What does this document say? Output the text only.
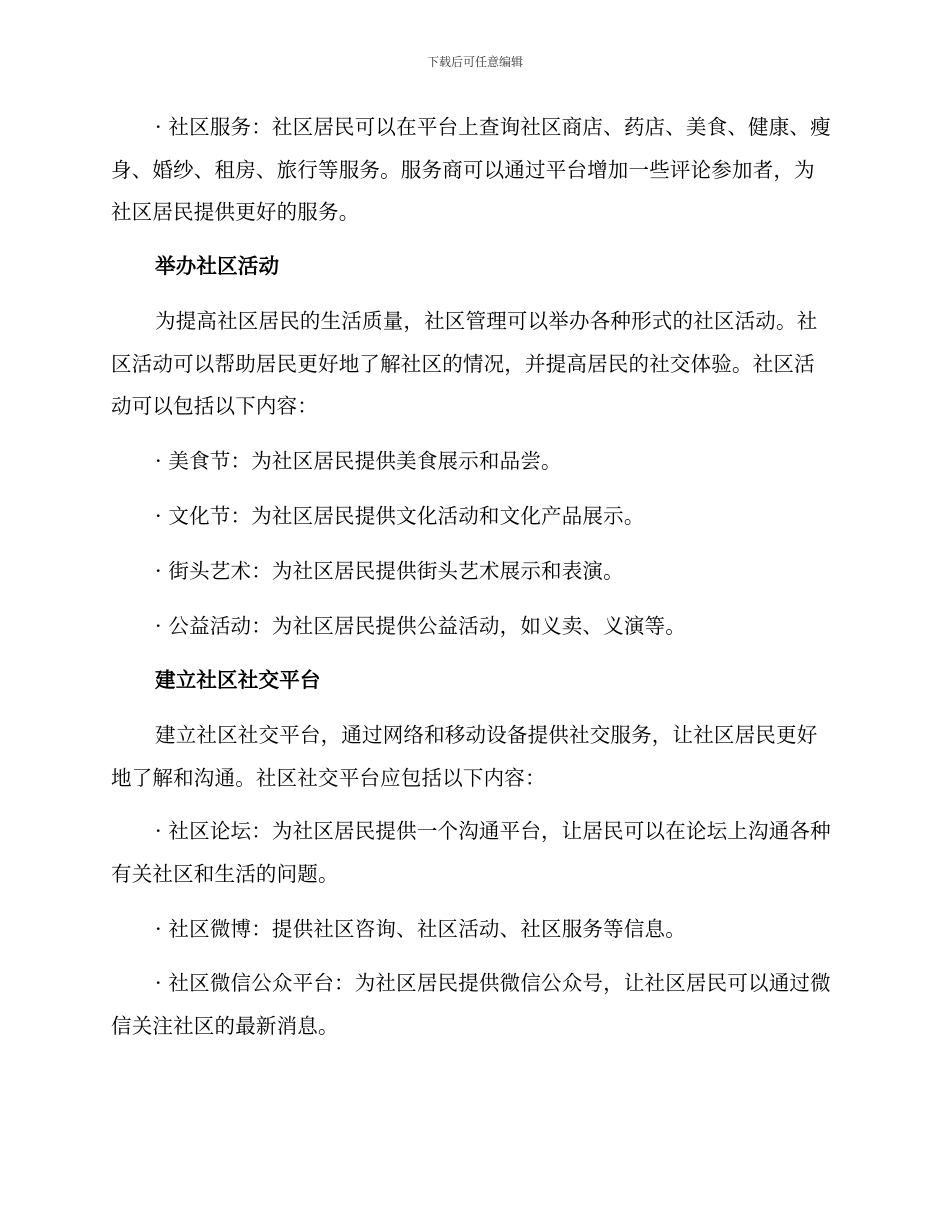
下载后可任意编辑

· 社区服务：社区居民可以在平台上查询社区商店、药店、美食、健康、瘦身、婚纱、租房、旅行等服务。服务商可以通过平台增加一些评论参加者，为社区居民提供更好的服务。

举办社区活动

为提高社区居民的生活质量，社区管理可以举办各种形式的社区活动。社区活动可以帮助居民更好地了解社区的情况，并提高居民的社交体验。社区活动可以包括以下内容：

· 美食节：为社区居民提供美食展示和品尝。

· 文化节：为社区居民提供文化活动和文化产品展示。

· 街头艺术：为社区居民提供街头艺术展示和表演。

· 公益活动：为社区居民提供公益活动，如义卖、义演等。

建立社区社交平台

建立社区社交平台，通过网络和移动设备提供社交服务，让社区居民更好地了解和沟通。社区社交平台应包括以下内容：

· 社区论坛：为社区居民提供一个沟通平台，让居民可以在论坛上沟通各种有关社区和生活的问题。

· 社区微博：提供社区咨询、社区活动、社区服务等信息。

· 社区微信公众平台：为社区居民提供微信公众号，让社区居民可以通过微信关注社区的最新消息。
